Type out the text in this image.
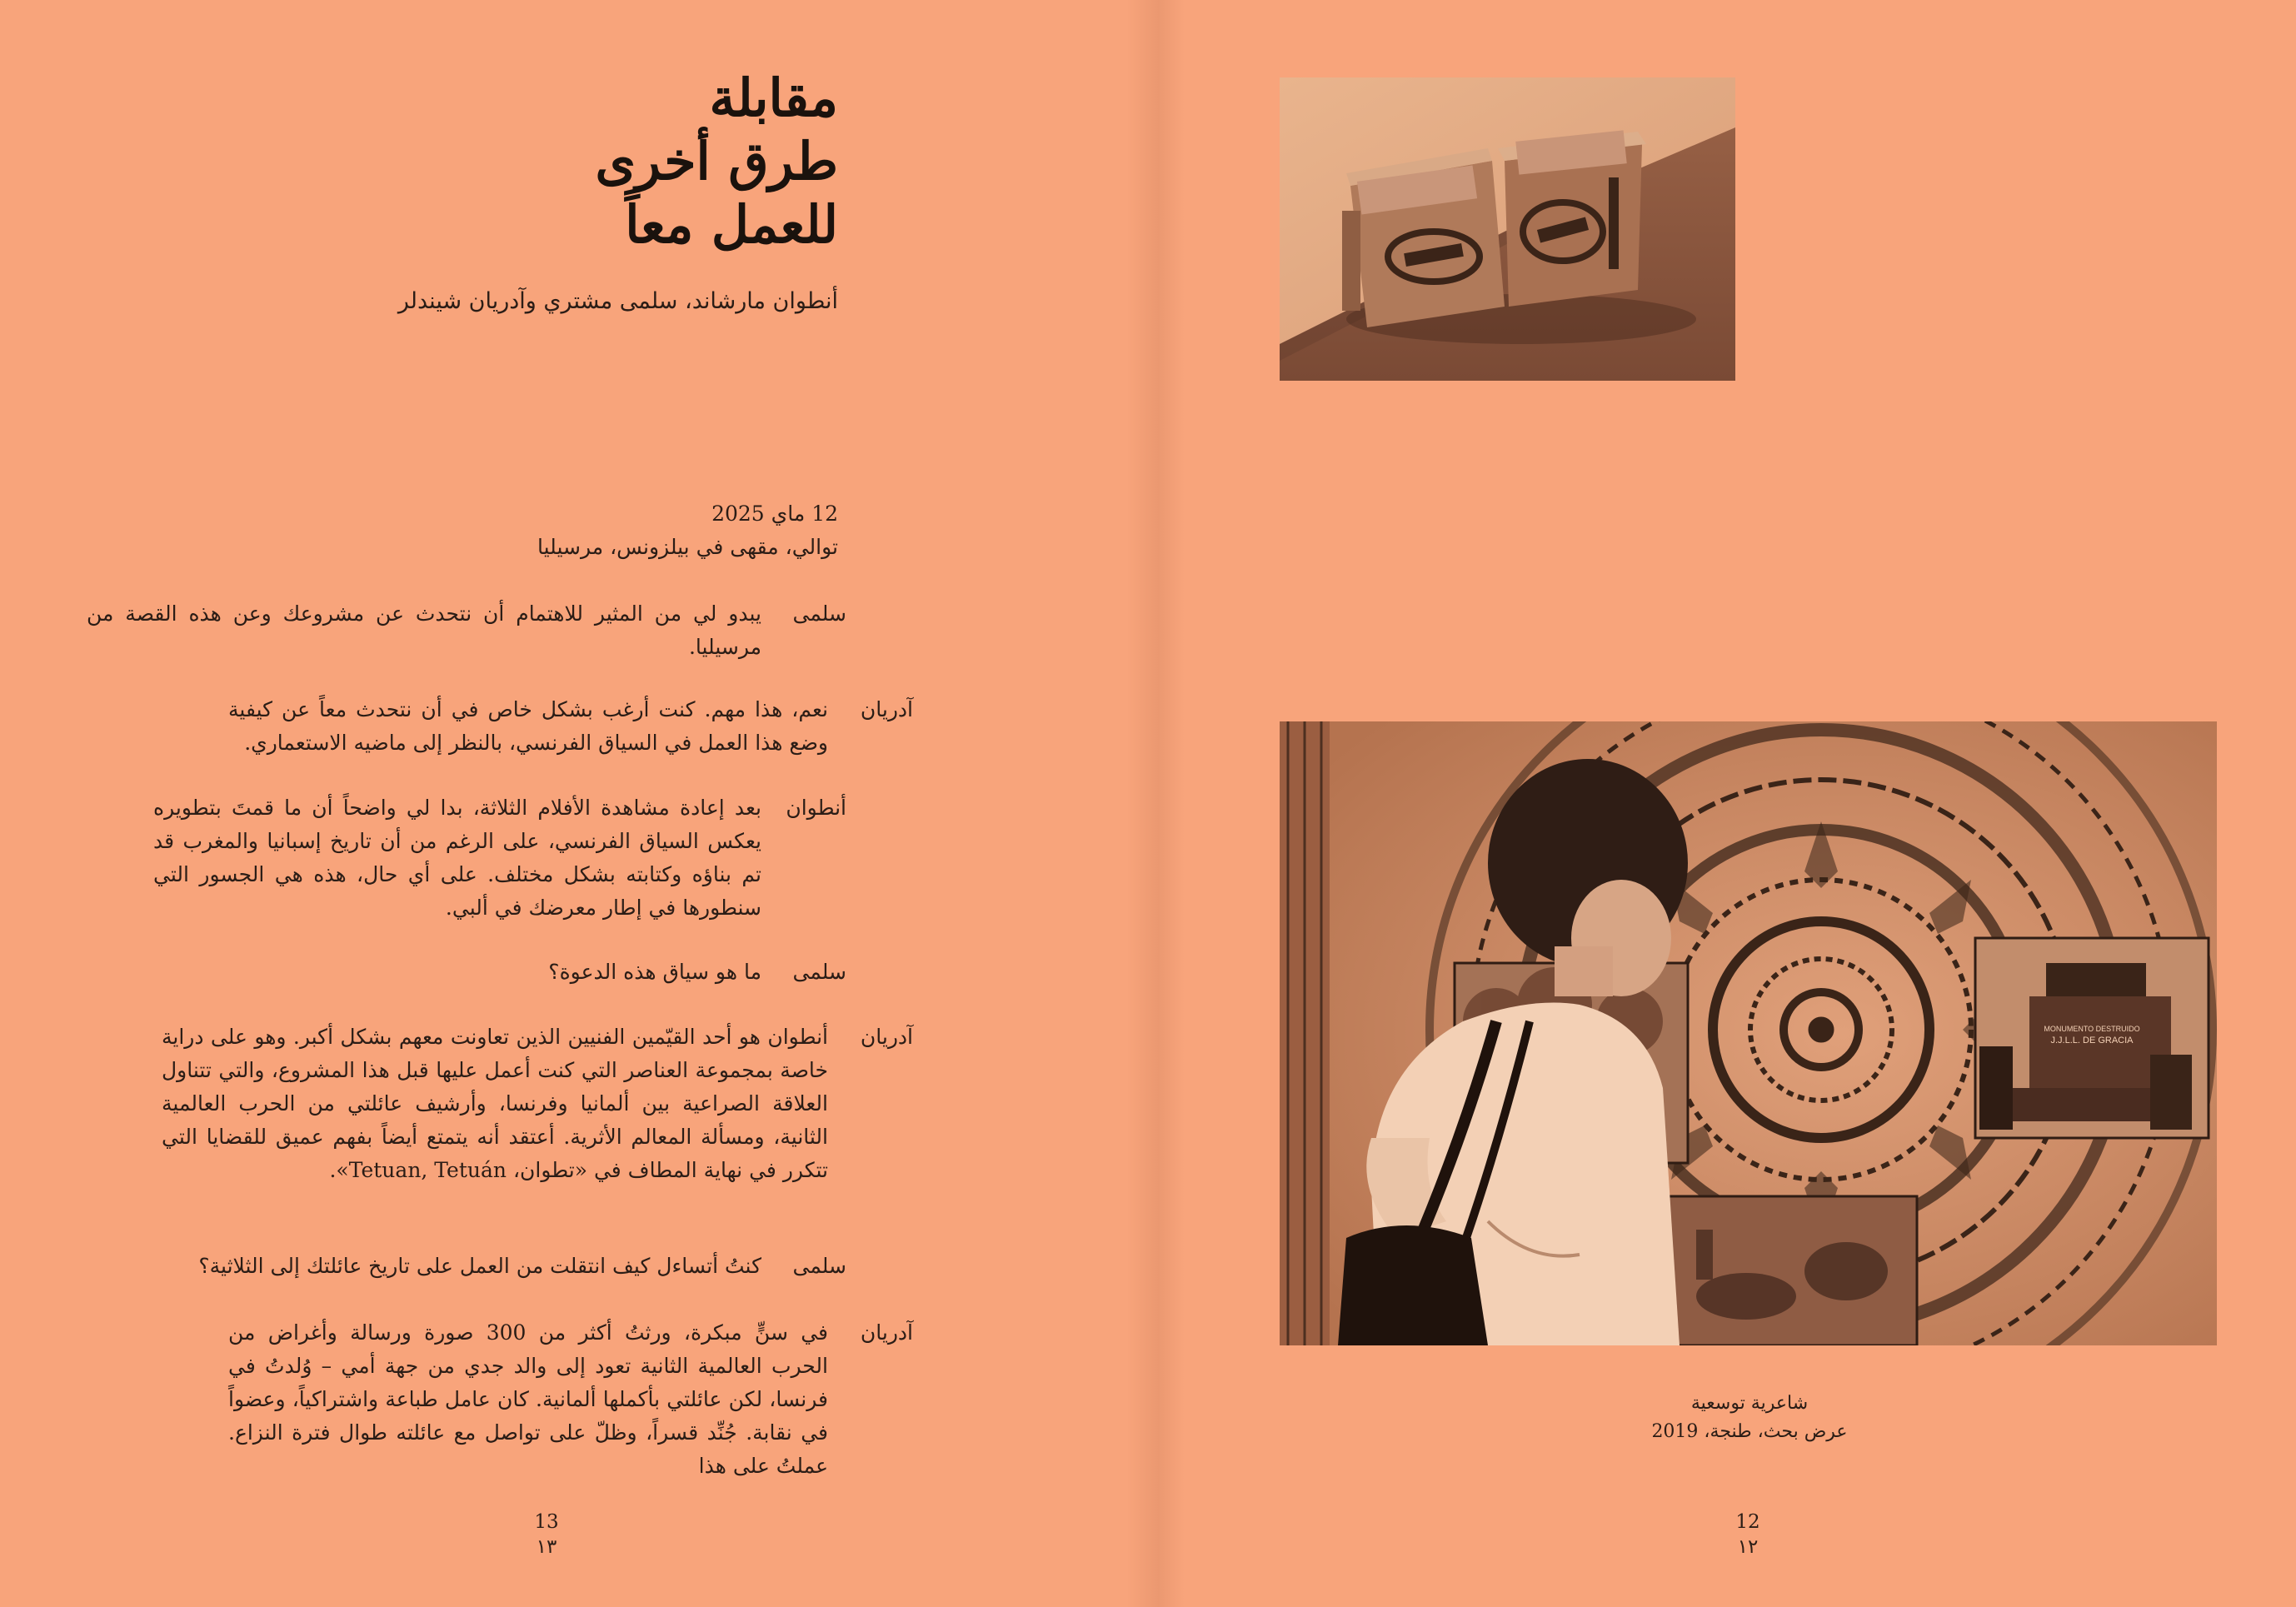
مقابلة
طرق أخرى
للعمل معاً
أنطوان مارشاند، سلمى مشتري وآدريان شيندلر
12 ماي 2025
توالي، مقهى في بيلزونس، مرسيليا
سلمى
يبدو لي من المثير للاهتمام أن نتحدث عن مشروعك وعن هذه القصة من مرسيليا.
آدريان
نعم، هذا مهم. كنت أرغب بشكل خاص في أن نتحدث معاً عن كيفية وضع هذا العمل في السياق الفرنسي، بالنظر إلى ماضيه الاستعماري.
أنطوان
بعد إعادة مشاهدة الأفلام الثلاثة، بدا لي واضحاً أن ما قمتَ بتطويره يعكس السياق الفرنسي، على الرغم من أن تاريخ إسبانيا والمغرب قد تم بناؤه وكتابته بشكل مختلف. على أي حال، هذه هي الجسور التي سنطورها في إطار معرضك في ألبي.
سلمى
ما هو سياق هذه الدعوة؟
آدريان
أنطوان هو أحد القيّمين الفنيين الذين تعاونت معهم بشكل أكبر. وهو على دراية خاصة بمجموعة العناصر التي كنت أعمل عليها قبل هذا المشروع، والتي تتناول العلاقة الصراعية بين ألمانيا وفرنسا، وأرشيف عائلتي من الحرب العالمية الثانية، ومسألة المعالم الأثرية. أعتقد أنه يتمتع أيضاً بفهم عميق للقضايا التي تتكرر في نهاية المطاف في «تطوان، Tetuan, Tetuán».
سلمى
كنتُ أتساءل كيف انتقلت من العمل على تاريخ عائلتك إلى الثلاثية؟
آدريان
في سنٍّ مبكرة، ورثتُ أكثر من 300 صورة ورسالة وأغراض من الحرب العالمية الثانية تعود إلى والد جدي من جهة أمي – وُلدتُ في فرنسا، لكن عائلتي بأكملها ألمانية. كان عامل طباعة واشتراكياً، وعضواً في نقابة. جُنِّد قسراً، وظلّ على تواصل مع عائلته طوال فترة النزاع. عملتُ على هذا
13
١٣
MONUMENTO DESTRUIDO
J.J.L.L. DE GRACIA
شاعرية توسعية
عرض بحث، طنجة، 2019
12
١٢
